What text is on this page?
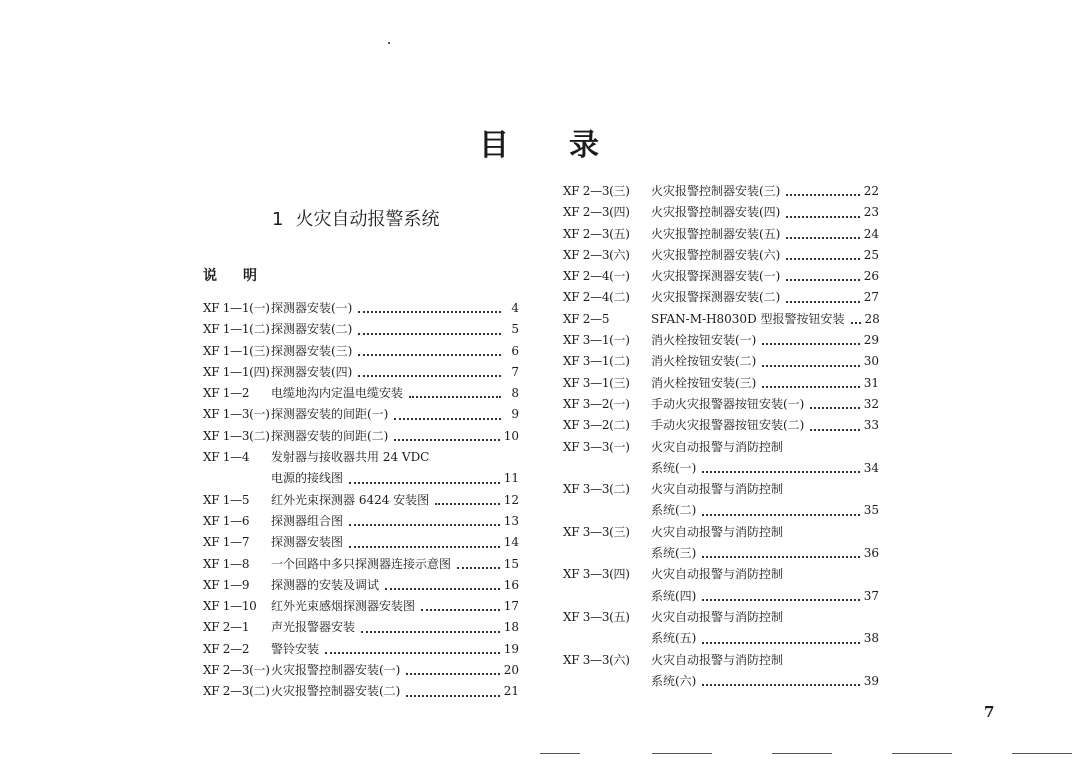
目 录
1 火灾自动报警系统
说 明
XF 1—1(一) 探测器安装(一)	4
XF 1—1(二) 探测器安装(二)	5
XF 1—1(三) 探测器安装(三)	6
XF 1—1(四) 探测器安装(四)	7
XF 1—2	电缆地沟内定温电缆安装	8
XF 1—3(一) 探测器安装的间距(一)	9
XF 1—3(二) 探测器安装的间距(二)	10
XF 1—4	发射器与接收器共用 24 VDC
电源的接线图	11
XF 1—5	红外光束探测器 6424 安装图	12
XF 1—6	探测器组合图	13
XF 1—7	探测器安装图	14
XF 1—8	一个回路中多只探测器连接示意图	15
XF 1—9	探测器的安装及调试	16
XF 1—10	红外光束感烟探测器安装图	17
XF 2—1	声光报警器安装	18
XF 2—2	警铃安装	19
XF 2—3(一) 火灾报警控制器安装(一)	20
XF 2—3(二) 火灾报警控制器安装(二)	21
XF 2—3(三)	火灾报警控制器安装(三)	22
XF 2—3(四)	火灾报警控制器安装(四)	23
XF 2—3(五)	火灾报警控制器安装(五)	24
XF 2—3(六)	火灾报警控制器安装(六)	25
XF 2—4(一)	火灾报警探测器安装(一)	26
XF 2—4(二)	火灾报警探测器安装(二)	27
XF 2—5	SFAN-M-H8030D 型报警按钮安装 28
XF 3—1(一)	消火栓按钮安装(一)	29
XF 3—1(二)	消火栓按钮安装(二)	30
XF 3—1(三)	消火栓按钮安装(三)	31
XF 3—2(一)	手动火灾报警器按钮安装(一)	32
XF 3—2(二)	手动火灾报警器按钮安装(二)	33
XF 3—3(一)	火灾自动报警与消防控制
系统(一)	34
XF 3—3(二)	火灾自动报警与消防控制
系统(二)	35
XF 3—3(三)	火灾自动报警与消防控制
系统(三)	36
XF 3—3(四)	火灾自动报警与消防控制
系统(四)	37
XF 3—3(五)	火灾自动报警与消防控制
系统(五)	38
XF 3—3(六)	火灾自动报警与消防控制
系统(六)	39
7
